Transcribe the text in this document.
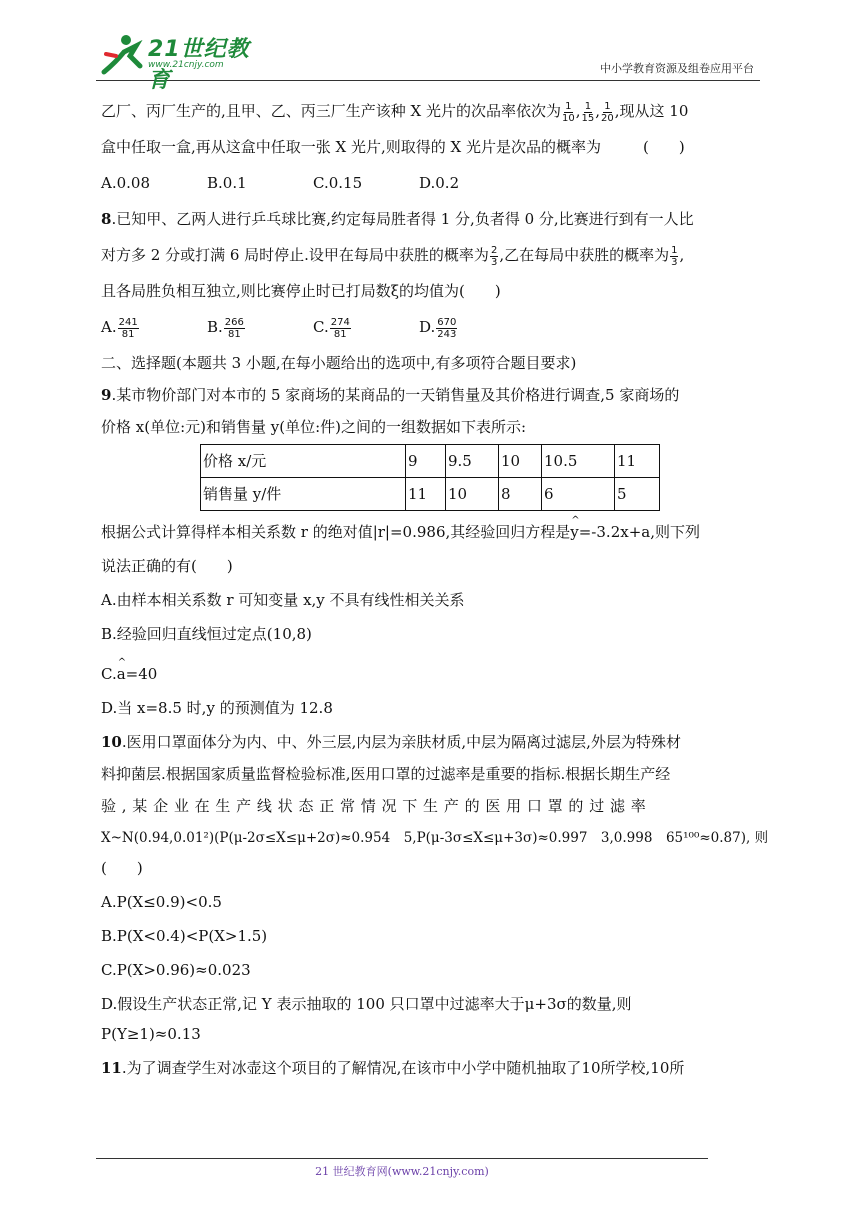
21世纪教育
www.21cnjy.com	中小学教育资源及组卷应用平台
乙厂、丙厂生产的,且甲、乙、丙三厂生产该种 X 光片的次品率依次为 $\frac{1}{10}$ , $\frac{1}{15}$ , $\frac{1}{20}$ ,现从这 10
盒中任取一盒,再从这盒中任取一张 X 光片,则取得的 X 光片是次品的概率为	(　　)
A.0.08	B.0.1	C.0.15	D.0.2
8.已知甲、乙两人进行乒乓球比赛,约定每局胜者得 1 分,负者得 0 分,比赛进行到有一人比
对方多 2 分或打满 6 局时停止.设甲在每局中获胜的概率为 $\frac{2}{3}$ ,乙在每局中获胜的概率为 $\frac{1}{3}$ ,
且各局胜负相互独立,则比赛停止时已打局数ξ的均值为(　　)
A. $\frac{241}{81}$	B. $\frac{266}{81}$	C. $\frac{274}{81}$	D. $\frac{670}{243}$
二、选择题(本题共 3 小题,在每小题给出的选项中,有多项符合题目要求)
9.某市物价部门对本市的 5 家商场的某商品的一天销售量及其价格进行调查,5 家商场的
价格 x(单位:元)和销售量 y(单位:件)之间的一组数据如下表所示:
价格 x/元	9	9.5	10	10.5	11
销售量 y/件	11	10	8	6	5
根据公式计算得样本相关系数 r 的绝对值|r|=0.986,其经验回归方程是^ y=-3.2x+a,则下列
说法正确的有(　　)
A.由样本相关系数 r 可知变量 x,y 不具有线性相关关系
B.经验回归直线恒过定点(10,8)
C.^ a=40
D.当 x=8.5 时,y 的预测值为 12.8
10.医用口罩面体分为内、中、外三层,内层为亲肤材质,中层为隔离过滤层,外层为特殊材
料抑菌层.根据国家质量监督检验标准,医用口罩的过滤率是重要的指标.根据长期生产经
验 , 某 企 业 在 生 产 线 状 态 正 常 情 况 下 生 产 的 医 用 口 罩 的 过 滤 率
X~N(0.94,0.01²)(P(μ-2σ≤X≤μ+2σ)≈0.954　5,P(μ-3σ≤X≤μ+3σ)≈0.997　3,0.998　65¹⁰⁰≈0.87), 则
(　　)
A.P(X≤0.9)<0.5
B.P(X<0.4)<P(X>1.5)
C.P(X>0.96)≈0.023
D.假设生产状态正常,记 Y 表示抽取的 100 只口罩中过滤率大于μ+3σ的数量,则
P(Y≥1)≈0.13
11.为了调查学生对冰壶这个项目的了解情况,在该市中小学中随机抽取了10所学校,10所
21 世纪教育网(www.21cnjy.com)
